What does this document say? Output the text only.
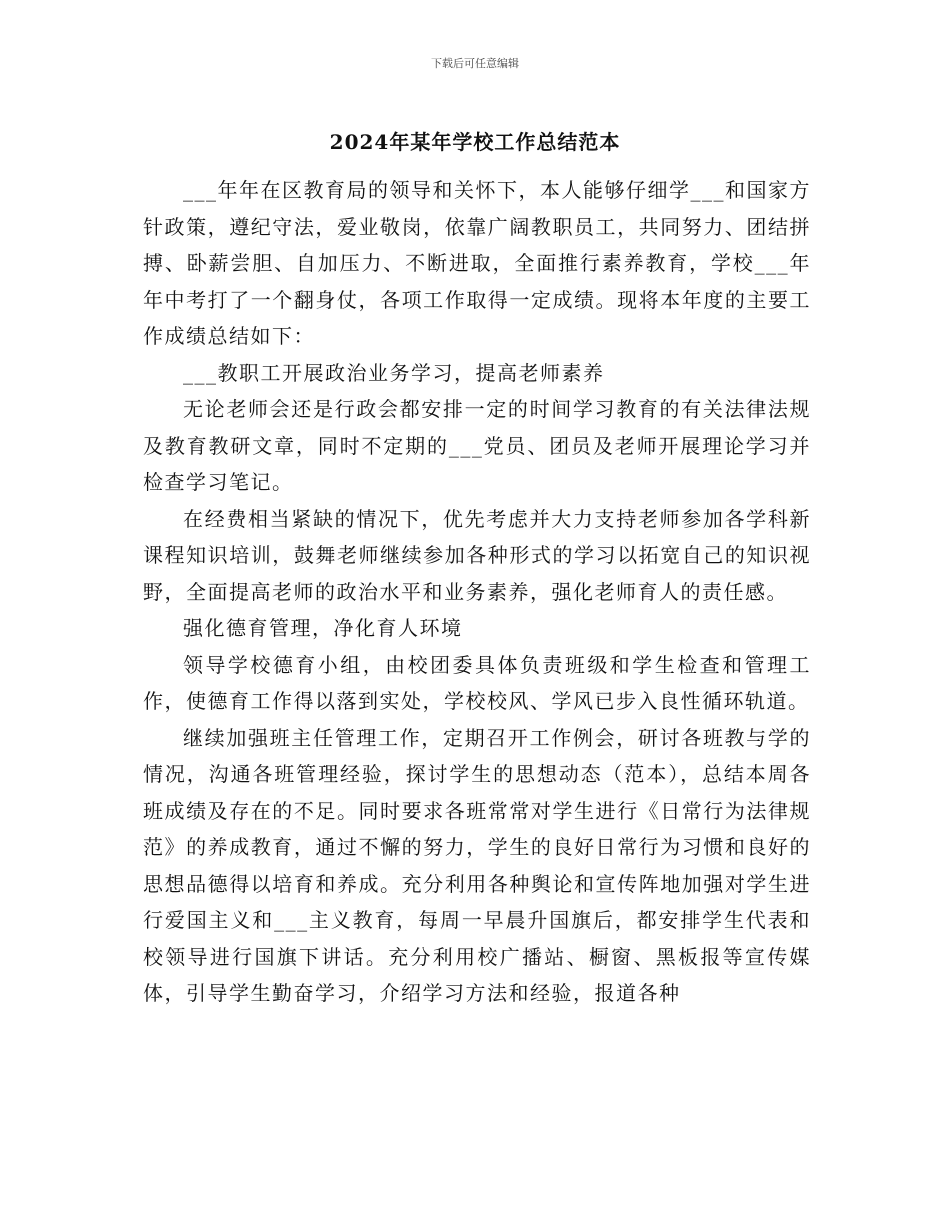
下载后可任意编辑
2024年某年学校工作总结范本

___年年在区教育局的领导和关怀下，本人能够仔细学___和国家方针政策，遵纪守法，爱业敬岗，依靠广阔教职员工，共同努力、团结拼搏、卧薪尝胆、自加压力、不断进取，全面推行素养教育，学校___年年中考打了一个翻身仗，各项工作取得一定成绩。现将本年度的主要工作成绩总结如下：

___教职工开展政治业务学习，提高老师素养

无论老师会还是行政会都安排一定的时间学习教育的有关法律法规及教育教研文章，同时不定期的___党员、团员及老师开展理论学习并检查学习笔记。

在经费相当紧缺的情况下，优先考虑并大力支持老师参加各学科新课程知识培训，鼓舞老师继续参加各种形式的学习以拓宽自己的知识视野，全面提高老师的政治水平和业务素养，强化老师育人的责任感。

强化德育管理，净化育人环境

领导学校德育小组，由校团委具体负责班级和学生检查和管理工作，使德育工作得以落到实处，学校校风、学风已步入良性循环轨道。

继续加强班主任管理工作，定期召开工作例会，研讨各班教与学的情况，沟通各班管理经验，探讨学生的思想动态（范本），总结本周各班成绩及存在的不足。同时要求各班常常对学生进行《日常行为法律规范》的养成教育，通过不懈的努力，学生的良好日常行为习惯和良好的思想品德得以培育和养成。充分利用各种舆论和宣传阵地加强对学生进行爱国主义和___主义教育，每周一早晨升国旗后，都安排学生代表和校领导进行国旗下讲话。充分利用校广播站、橱窗、黑板报等宣传媒体，引导学生勤奋学习，介绍学习方法和经验，报道各种
